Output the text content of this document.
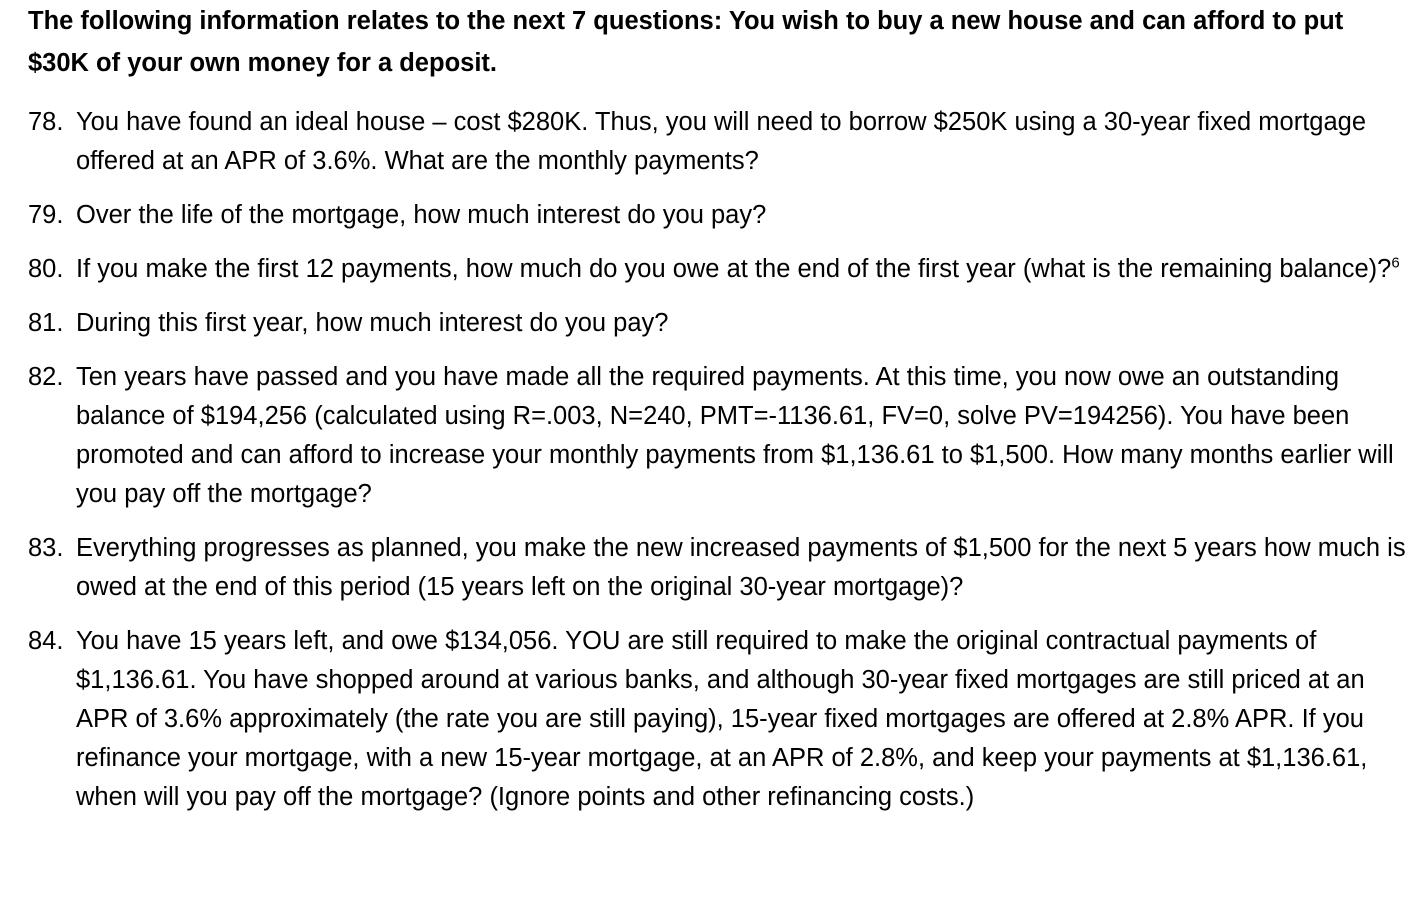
The following information relates to the next 7 questions: You wish to buy a new house and can afford to put $30K of your own money for a deposit.

78. You have found an ideal house – cost $280K. Thus, you will need to borrow $250K using a 30-year fixed mortgage offered at an APR of 3.6%. What are the monthly payments?
79. Over the life of the mortgage, how much interest do you pay?
80. If you make the first 12 payments, how much do you owe at the end of the first year (what is the remaining balance)?$^6$
81. During this first year, how much interest do you pay?
82. Ten years have passed and you have made all the required payments. At this time, you now owe an outstanding balance of $194,256 (calculated using R=.003, N=240, PMT=-1136.61, FV=0, solve PV=194256). You have been promoted and can afford to increase your monthly payments from $1,136.61 to $1,500. How many months earlier will you pay off the mortgage?
83. Everything progresses as planned, you make the new increased payments of $1,500 for the next 5 years how much is owed at the end of this period (15 years left on the original 30-year mortgage)?
84. You have 15 years left, and owe $134,056. YOU are still required to make the original contractual payments of $1,136.61. You have shopped around at various banks, and although 30-year fixed mortgages are still priced at an APR of 3.6% approximately (the rate you are still paying), 15-year fixed mortgages are offered at 2.8% APR. If you refinance your mortgage, with a new 15-year mortgage, at an APR of 2.8%, and keep your payments at $1,136.61, when will you pay off the mortgage? (Ignore points and other refinancing costs.)
